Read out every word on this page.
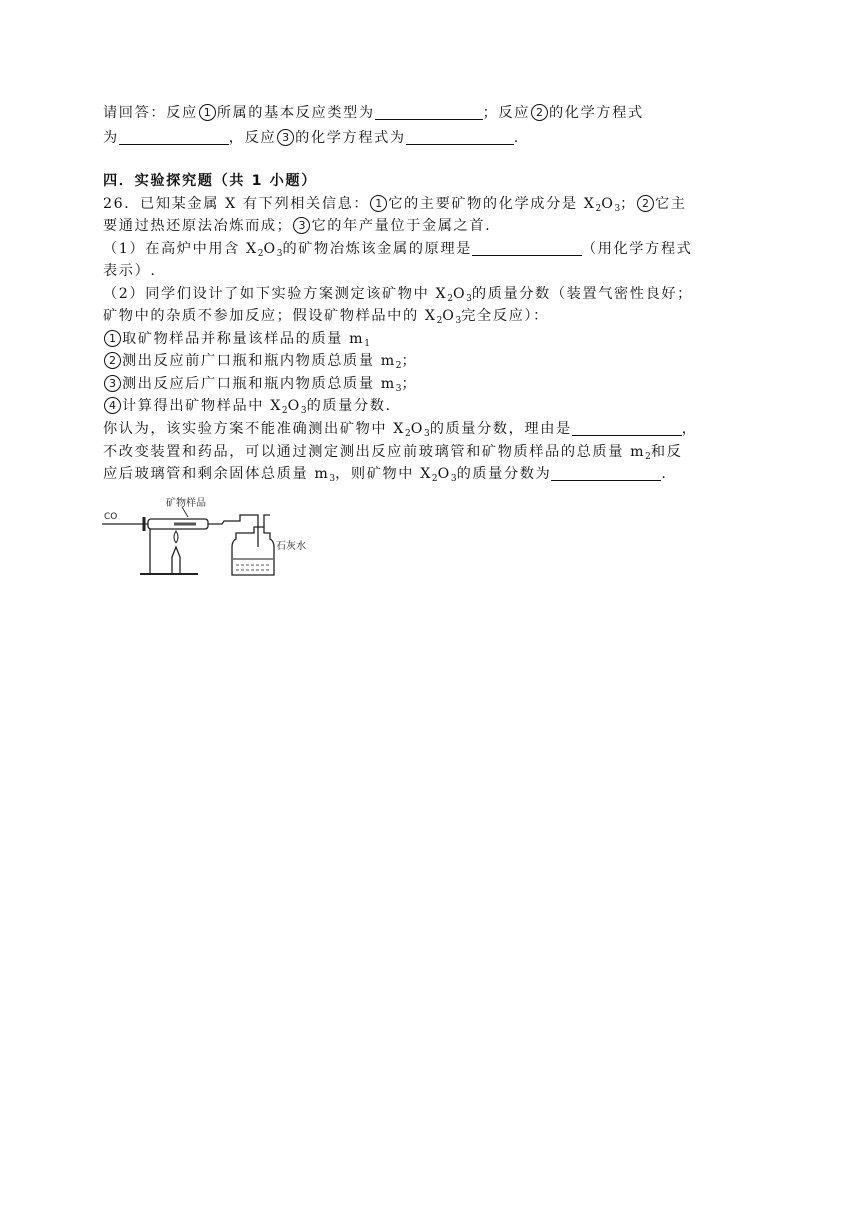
请回答：反应 1 所属的基本反应类型为	；反应 2 的化学方程式
为	，反应 3 的化学方程式为	.
四．实验探究题（共 1 小题）
26．已知某金属 X 有下列相关信息： 1 它的主要矿物的化学成分是 $X_2O_3$； 2 它主
要通过热还原法冶炼而成； 3 它的年产量位于金属之首.
（1）在高炉中用含 $X_2O_3$的矿物冶炼该金属的原理是	（用化学方程式
表示）.
（2）同学们设计了如下实验方案测定该矿物中 $X_2O_3$的质量分数（装置气密性良好；
矿物中的杂质不参加反应；假设矿物样品中的 $X_2O_3$完全反应）：
1 取矿物样品并称量该样品的质量 $m_1$
2 测出反应前广口瓶和瓶内物质总质量 $m_2$；
3 测出反应后广口瓶和瓶内物质总质量 $m_3$；
4 计算得出矿物样品中 $X_2O_3$的质量分数.
你认为，该实验方案不能准确测出矿物中 $X_2O_3$的质量分数，理由是	，
不改变装置和药品，可以通过测定测出反应前玻璃管和矿物质样品的总质量 $m_2$和反
应后玻璃管和剩余固体总质量 $m_3$，则矿物中 $X_2O_3$的质量分数为	.
CO
矿物样品
石灰水
